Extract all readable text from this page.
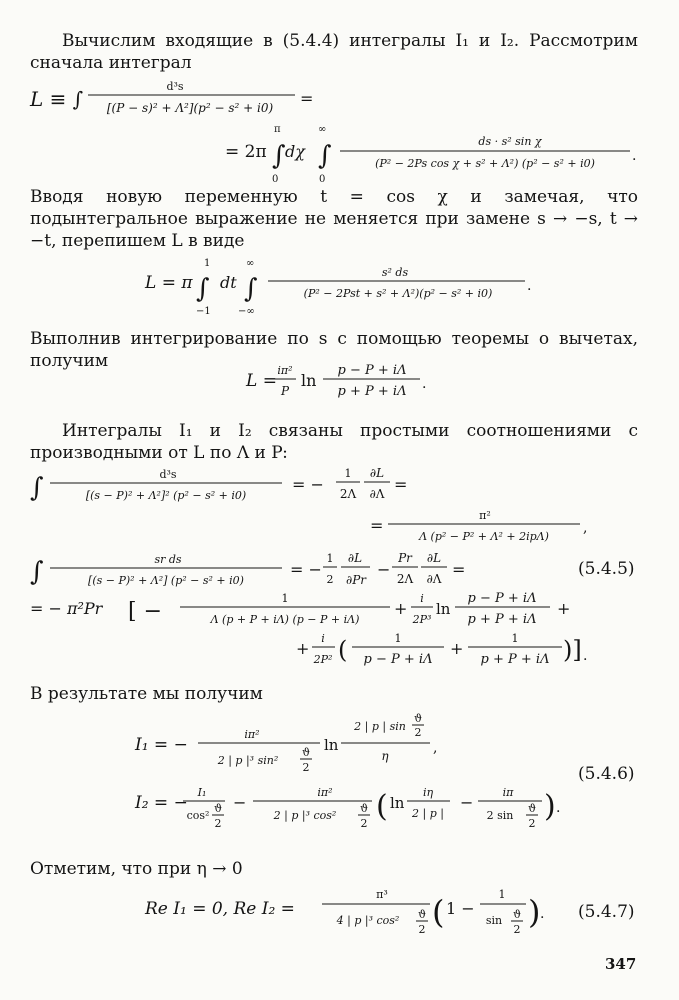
Вычислим входящие в (5.4.4) интегралы I₁ и I₂. Рассмотрим сначала интеграл

L ≡ ∫
d³s
[(P − s)² + Λ²](p² − s² + i0) =
= 2π
π
∫
0
dχ
∞
∫
0
ds · s² sin χ
(P² − 2Ps cos χ + s² + Λ²) (p² − s² + i0)	.

Вводя новую переменную t = cos χ и замечая, что подынтегральное выражение не меняется при замене s → −s, t → −t, перепишем L в виде

L = π
1
∫
−1
dt
∞
∫
−∞
s² ds
(P² − 2Pst + s² + Λ²)(p² − s² + i0) .

Выполнив интегрирование по s с помощью теоремы о вычетах, получим

L =
iπ²
P
ln
p − P + iΛ
p + P + iΛ .

Интегралы I₁ и I₂ связаны простыми соотношениями с производными от L по Λ и P:

∫	d³s
[(s − P)² + Λ²]² (p² − s² + i0)
= −
1
2Λ
∂L
∂Λ =
=
π²
Λ (p² − P² + Λ² + 2ipΛ)
,
∫	sr ds
[(s − P)² + Λ²] (p² − s² + i0)
= −
1
2
∂L
∂Pr
−
Pr
2Λ
∂L
∂Λ =
= − π²Pr [ −
1
Λ (p + P + iΛ) (p − P + iΛ)
+
i
2P³
ln
p − P + iΛ
p + P + iΛ
+
+
i
2P² (	1
p − P + iΛ
+
1
p + P + iΛ )] .
(5.4.5)

В результате мы получим

I₁ = −
iπ²
2 | p |³ sin²
ϑ
2
ln
2 | p | sin
ϑ
2
η	,
I₂ = −
I₁
cos²
ϑ
2
−
iπ²
2 | p |³ cos²
ϑ
2 ( ln
iη
2 | p |
−
iπ
2 sin
ϑ
2 ) .
(5.4.6)

Отметим, что при η → 0

Re I₁ = 0, Re I₂ =
π³
4 | p |³ cos² ϑ
2 ( 1 −
1
sin ϑ
2 ) . (5.4.7)
347
